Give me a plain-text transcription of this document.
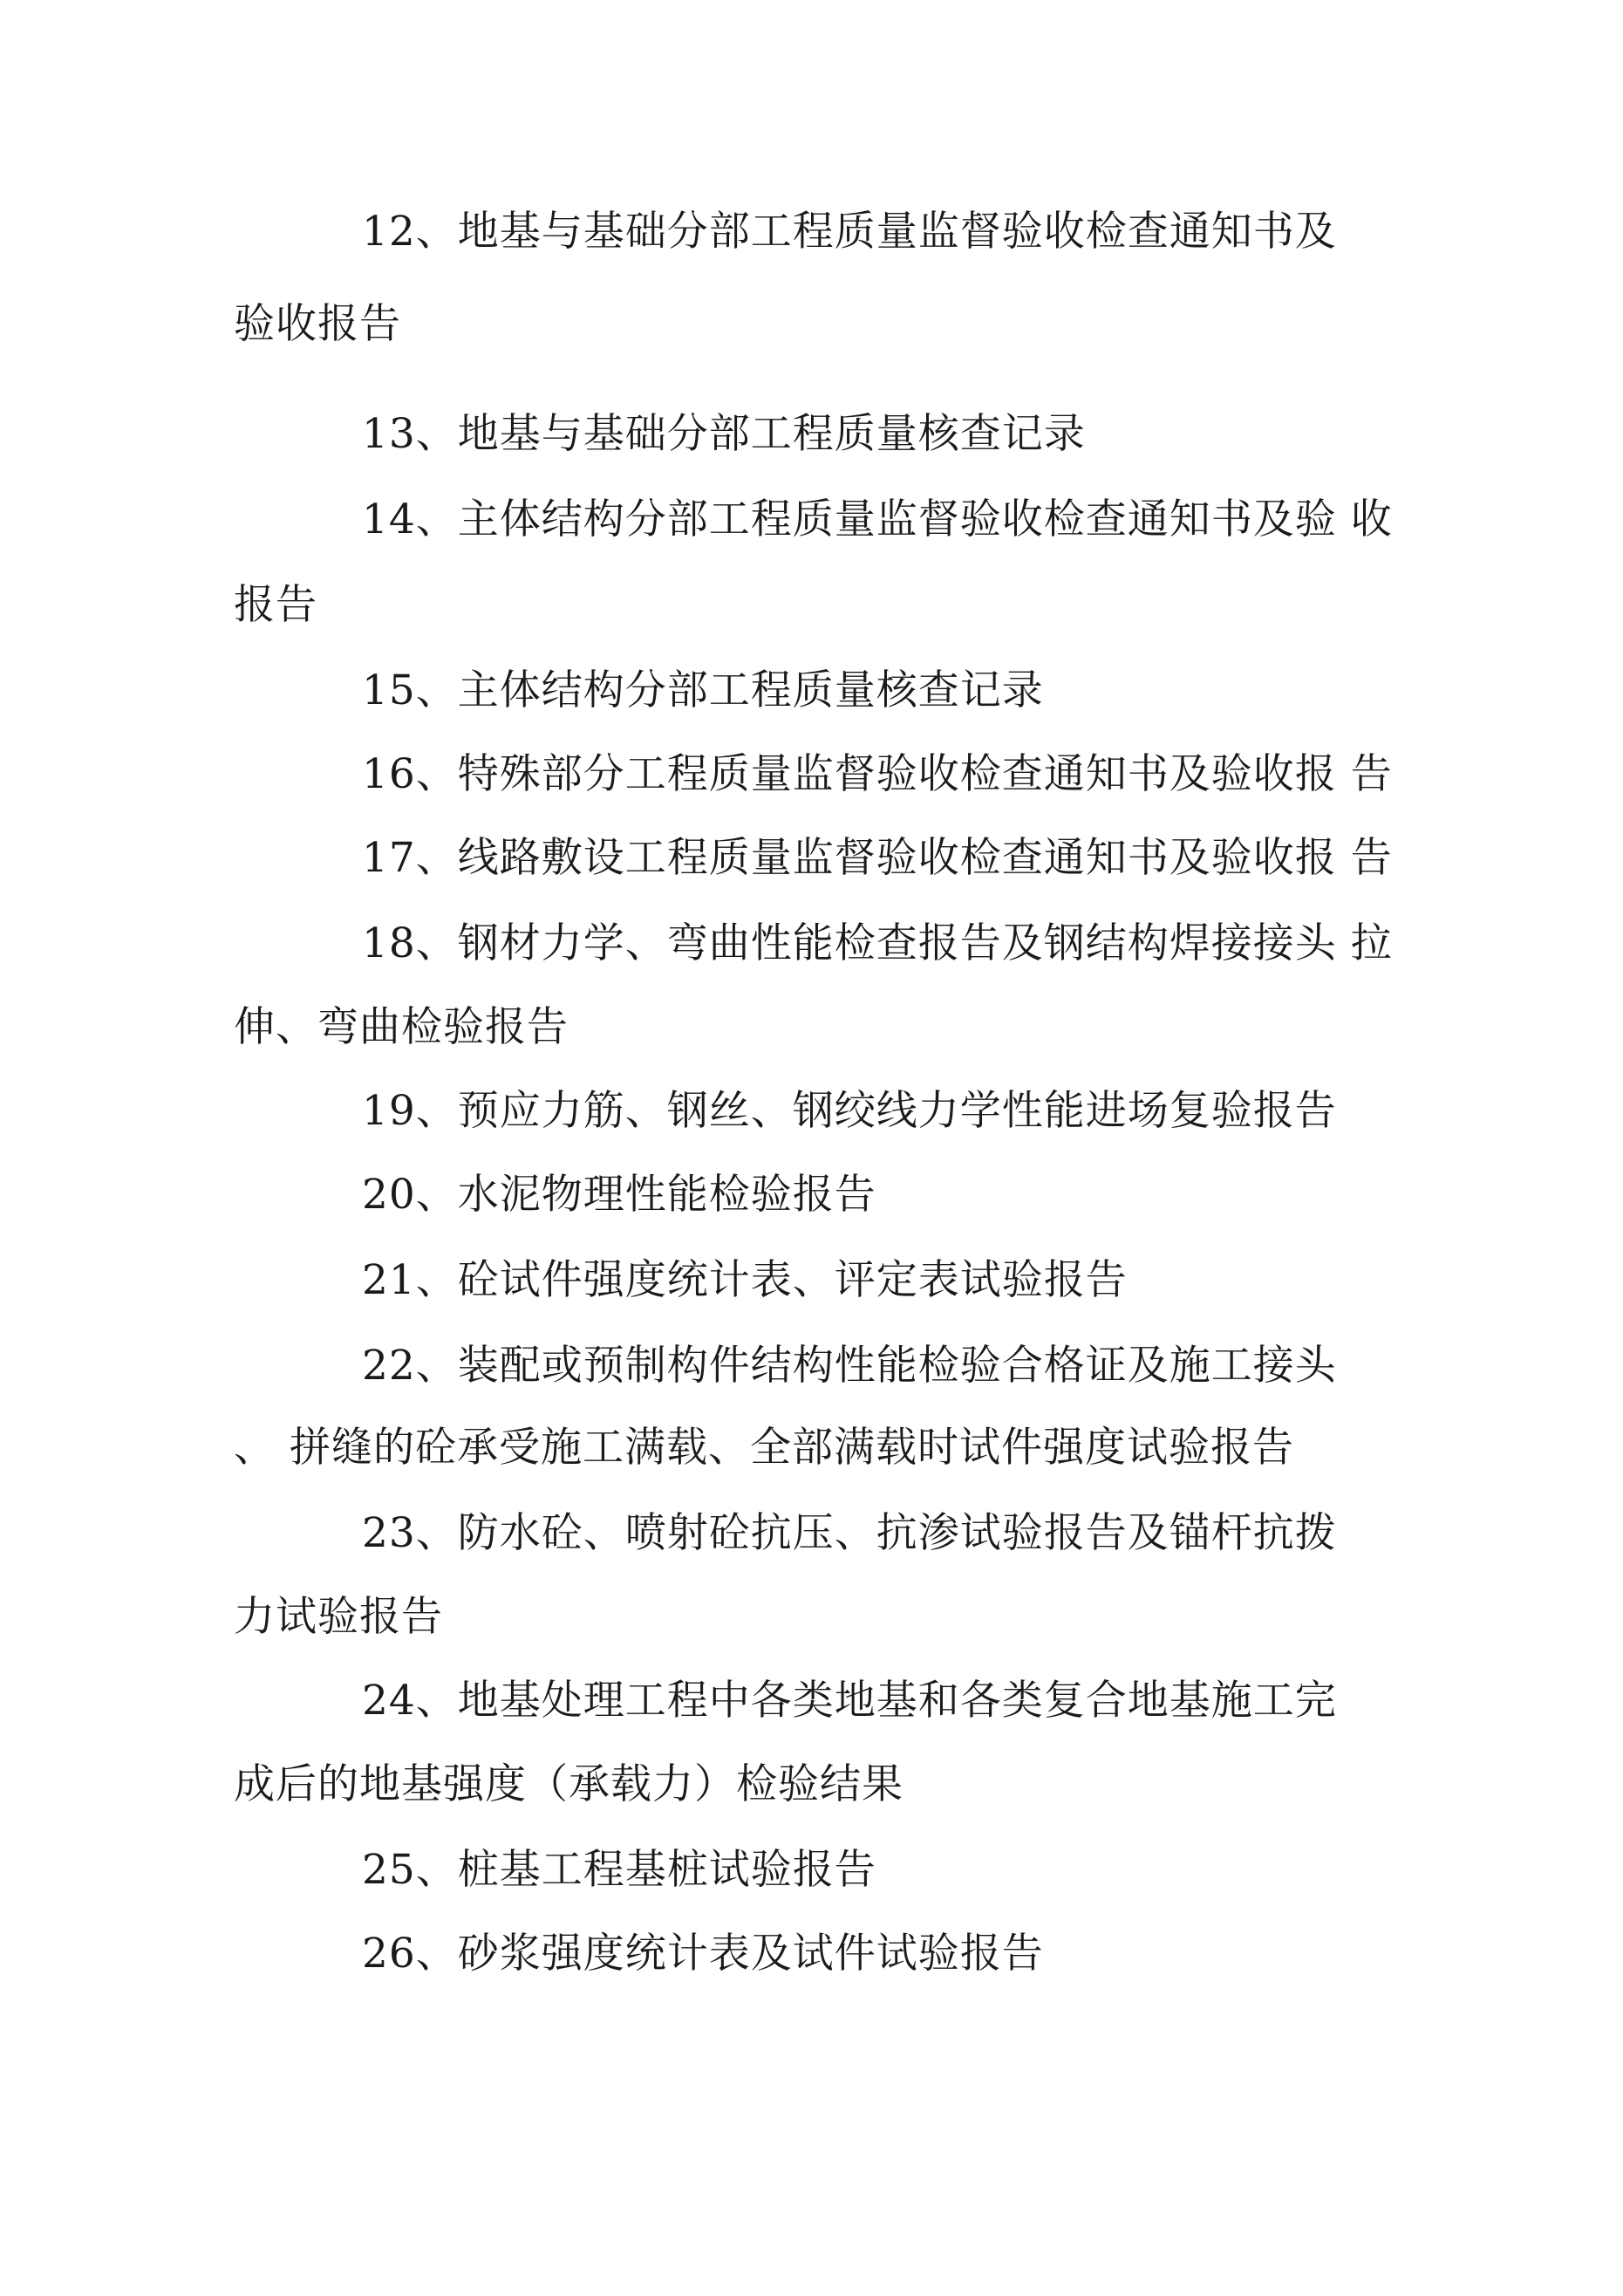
12、地基与基础分部工程质量监督验收检查通知书及
验收报告
13、地基与基础分部工程质量核查记录
14、主体结构分部工程质量监督验收检查通知书及验 收
报告
15、主体结构分部工程质量核查记录
16、特殊部分工程质量监督验收检查通知书及验收报 告
17、线路敷设工程质量监督验收检查通知书及验收报 告
18、钢材力学、弯曲性能检查报告及钢结构焊接接头 拉
伸、弯曲检验报告
19、预应力筋、钢丝、钢绞线力学性能进场复验报告
20、水泥物理性能检验报告
21、砼试件强度统计表、评定表试验报告
22、装配或预制构件结构性能检验合格证及施工接头
、 拼缝的砼承受施工满载、全部满载时试件强度试验报告
23、防水砼、喷射砼抗压、抗渗试验报告及锚杆抗拨
力试验报告
24、地基处理工程中各类地基和各类复合地基施工完
成后的地基强度（承载力）检验结果
25、桩基工程基桩试验报告
26、砂浆强度统计表及试件试验报告
